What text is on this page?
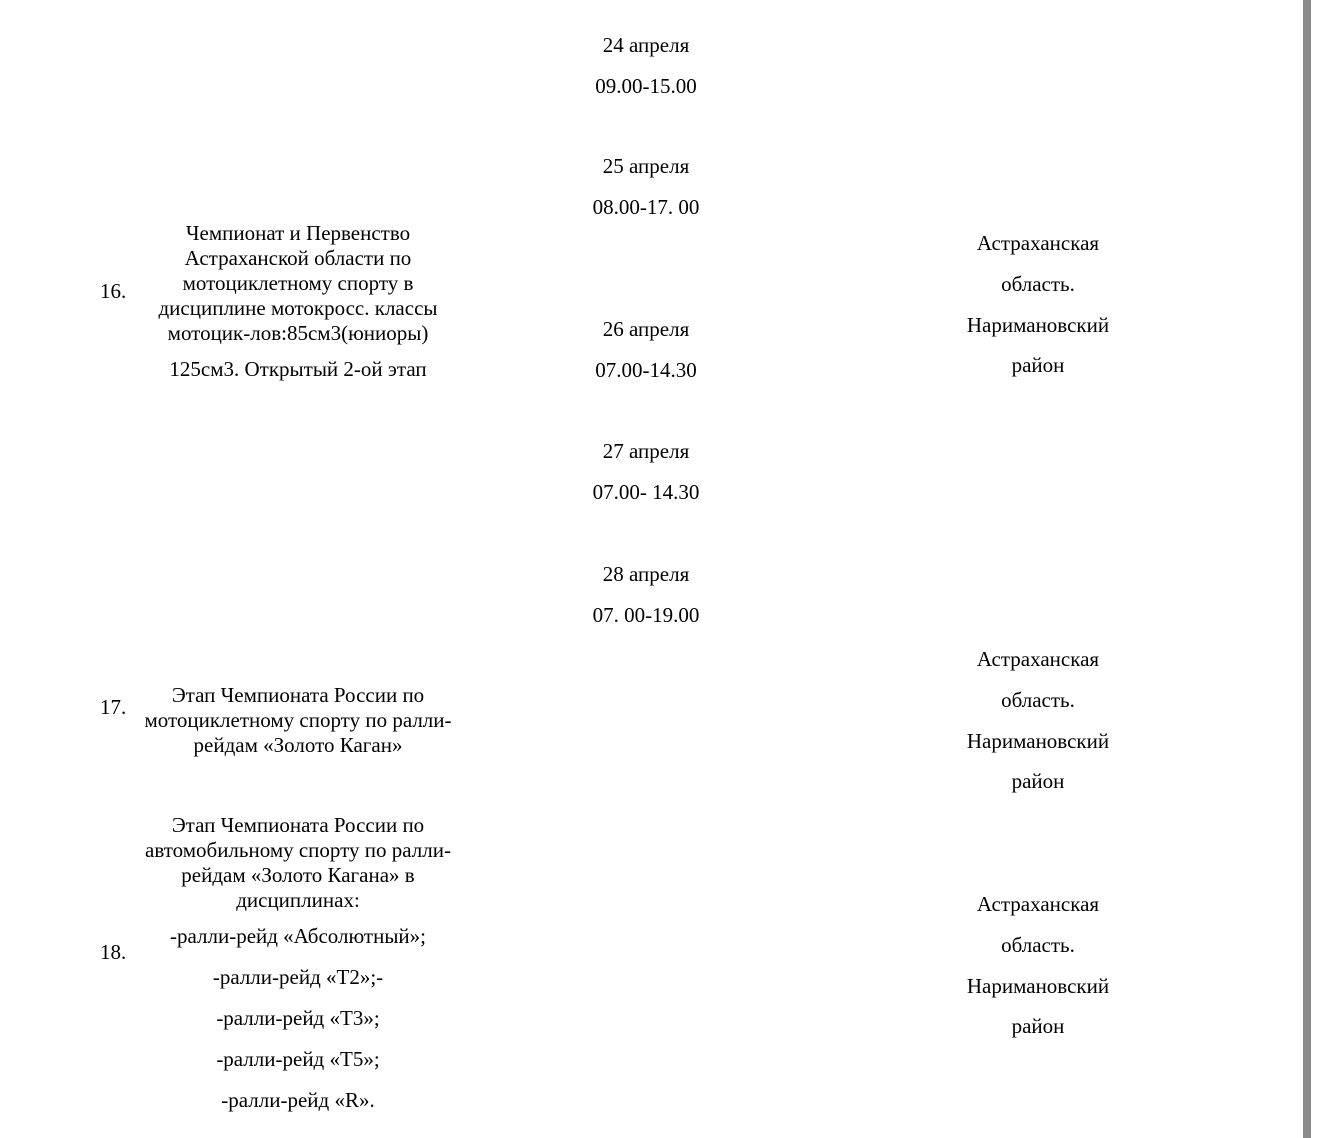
16.
Чемпионат и Первенство
Астраханской области по
мотоциклетному спорту в
дисциплине мотокросс. классы
мотоцик-лов:85см3(юниоры)
125см3. Открытый 2-ой этап
24 апреля
09.00-15.00
25 апреля
08.00-17. 00
26 апреля
07.00-14.30
27 апреля
07.00- 14.30
28 апреля
07. 00-19.00
Астраханская
область.
Наримановский
район
17.	Этап Чемпионата России по
мотоциклетному спорту по ралли-
рейдам «Золото Каган»
Астраханская
область.
Наримановский
район
18.
Этап Чемпионата России по
автомобильному спорту по ралли-
рейдам «Золото Кагана» в
дисциплинах:
-ралли-рейд «Абсолютный»;
-ралли-рейд «Т2»;-
-ралли-рейд «Т3»;
-ралли-рейд «Т5»;
-ралли-рейд «R».
Астраханская
область.
Наримановский
район
